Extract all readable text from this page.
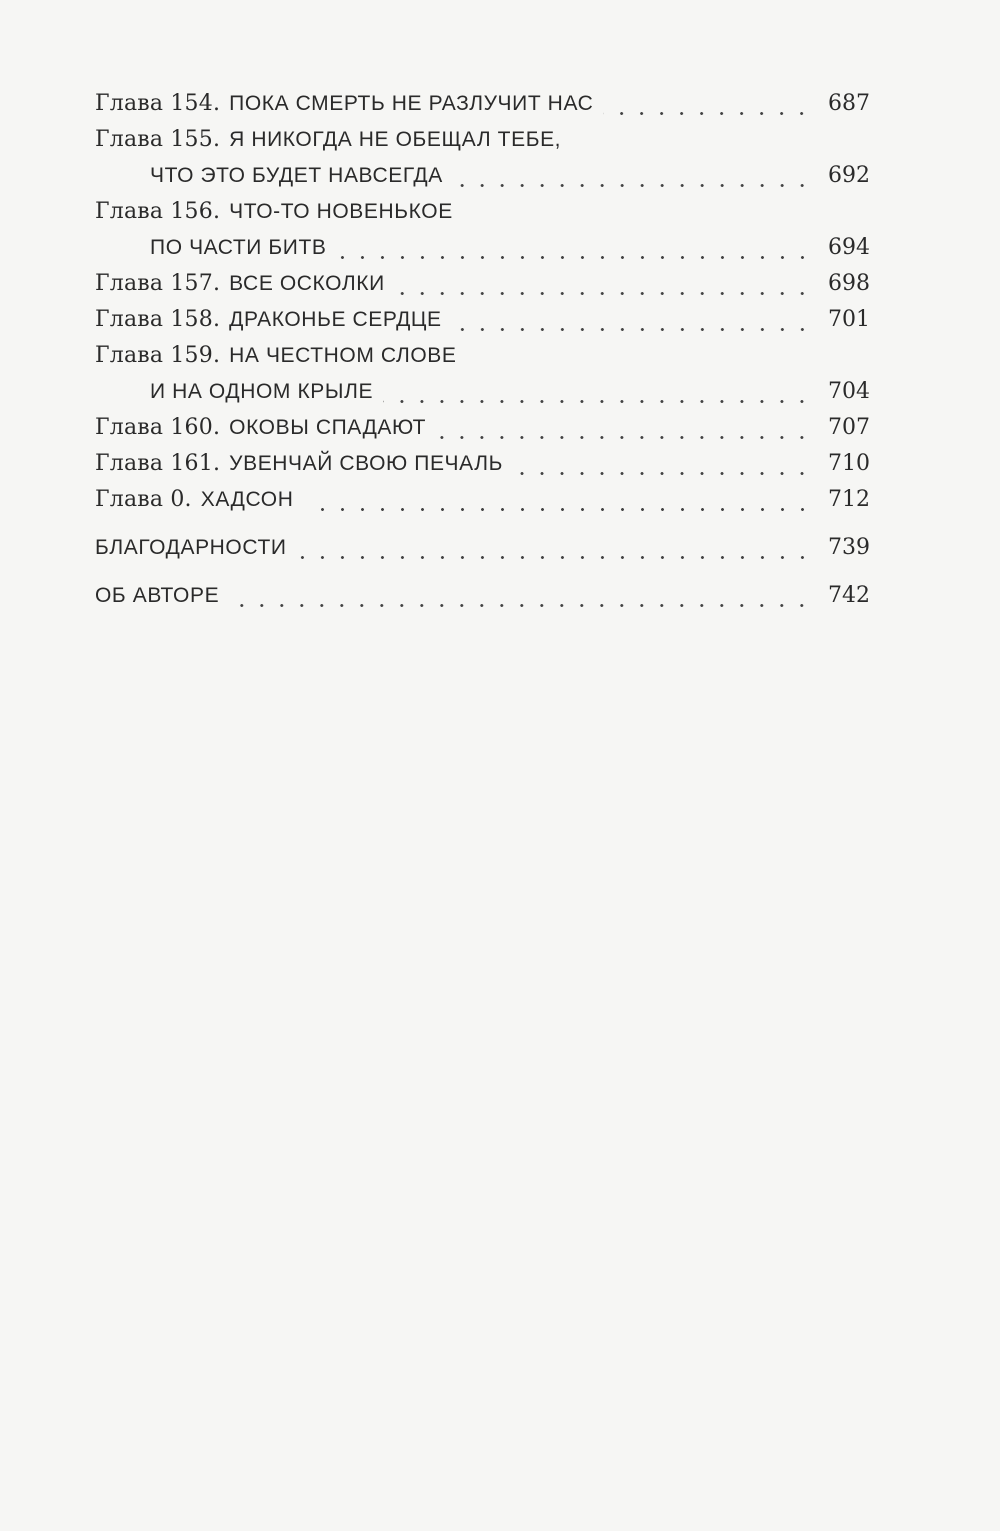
Глава 154. ПОКА СМЕРТЬ НЕ РАЗЛУЧИТ НАС	687
Глава 155. Я НИКОГДА НЕ ОБЕЩАЛ ТЕБЕ,
ЧТО ЭТО БУДЕТ НАВСЕГДА	692
Глава 156. ЧТО-ТО НОВЕНЬКОЕ
ПО ЧАСТИ БИТВ	694
Глава 157. ВСЕ ОСКОЛКИ	698
Глава 158. ДРАКОНЬЕ СЕРДЦЕ	701
Глава 159. НА ЧЕСТНОМ СЛОВЕ
И НА ОДНОМ КРЫЛЕ	704
Глава 160. ОКОВЫ СПАДАЮТ	707
Глава 161. УВЕНЧАЙ СВОЮ ПЕЧАЛЬ	710
Глава 0. ХАДСОН	712
БЛАГОДАРНОСТИ	739
ОБ АВТОРЕ	742
